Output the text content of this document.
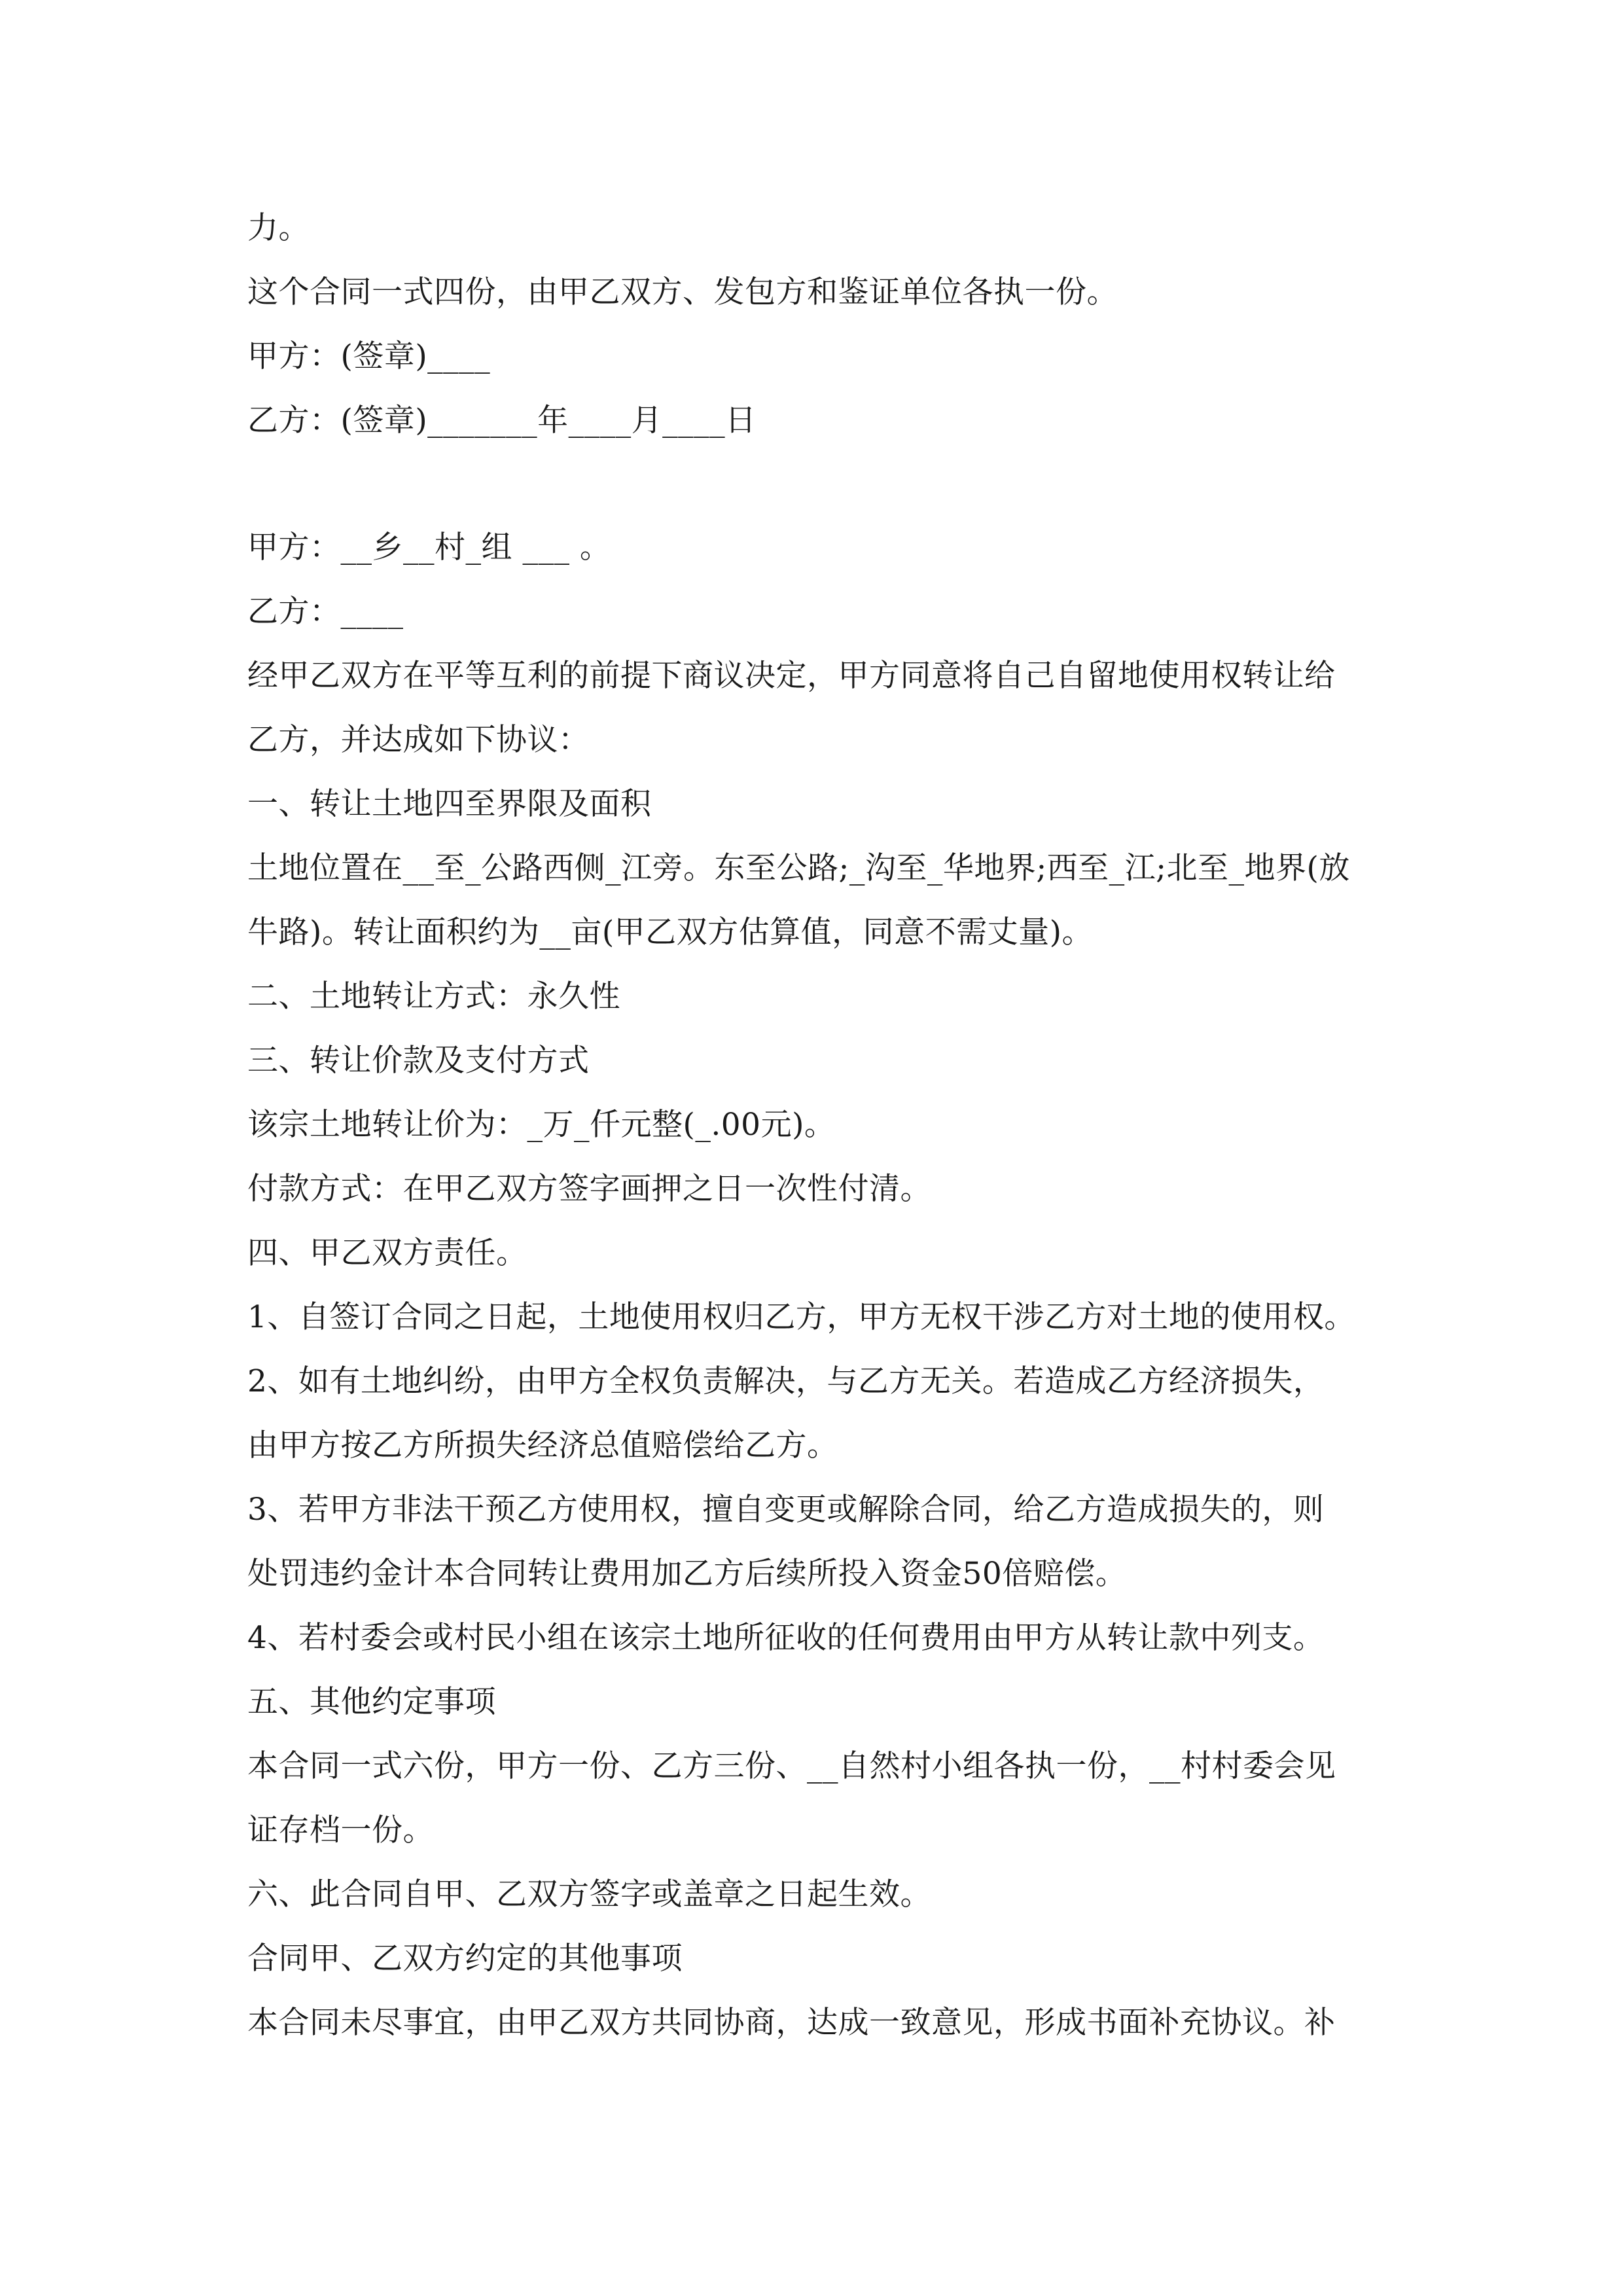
力。
这个合同一式四份，由甲乙双方、发包方和鉴证单位各执一份。
甲方：(签章)____
乙方：(签章)_______年____月____日
甲方：__乡__村_组 ___ 。
乙方：____
经甲乙双方在平等互利的前提下商议决定，甲方同意将自己自留地使用权转让给
乙方，并达成如下协议：
一、转让土地四至界限及面积
土地位置在__至_公路西侧_江旁。东至公路;_沟至_华地界;西至_江;北至_地界(放
牛路)。转让面积约为__亩(甲乙双方估算值，同意不需丈量)。
二、土地转让方式：永久性
三、转让价款及支付方式
该宗土地转让价为：_万_仟元整(_.00元)。
付款方式：在甲乙双方签字画押之日一次性付清。
四、甲乙双方责任。
1、自签订合同之日起，土地使用权归乙方，甲方无权干涉乙方对土地的使用权。
2、如有土地纠纷，由甲方全权负责解决，与乙方无关。若造成乙方经济损失，
由甲方按乙方所损失经济总值赔偿给乙方。
3、若甲方非法干预乙方使用权，擅自变更或解除合同，给乙方造成损失的，则
处罚违约金计本合同转让费用加乙方后续所投入资金50倍赔偿。
4、若村委会或村民小组在该宗土地所征收的任何费用由甲方从转让款中列支。
五、其他约定事项
本合同一式六份，甲方一份、乙方三份、__自然村小组各执一份，__村村委会见
证存档一份。
六、此合同自甲、乙双方签字或盖章之日起生效。
合同甲、乙双方约定的其他事项
本合同未尽事宜，由甲乙双方共同协商，达成一致意见，形成书面补充协议。补
